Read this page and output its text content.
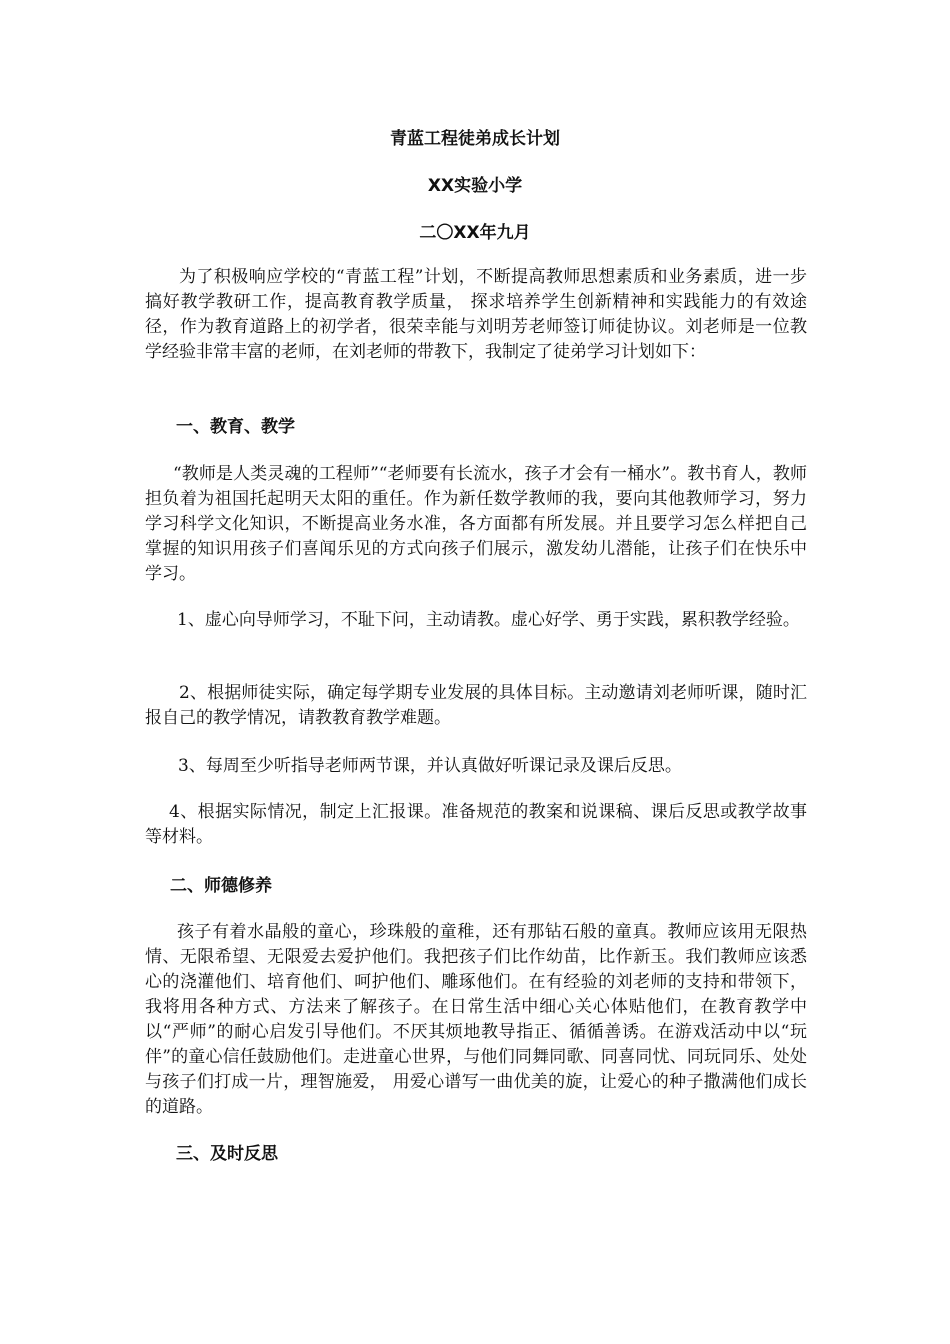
青蓝工程徒弟成长计划

XX实验小学

二〇XX年九月

为了积极响应学校的“青蓝工程”计划，不断提高教师思想素质和业务素质，进一步搞好教学教研工作，提高教育教学质量， 探求培养学生创新精神和实践能力的有效途径，作为教育道路上的初学者，很荣幸能与刘明芳老师签订师徒协议。刘老师是一位教学经验非常丰富的老师，在刘老师的带教下，我制定了徒弟学习计划如下：

一、教育、教学

“教师是人类灵魂的工程师”“老师要有长流水，孩子才会有一桶水”。教书育人，教师担负着为祖国托起明天太阳的重任。作为新任数学教师的我，要向其他教师学习，努力学习科学文化知识，不断提高业务水准，各方面都有所发展。并且要学习怎么样把自己掌握的知识用孩子们喜闻乐见的方式向孩子们展示，激发幼儿潜能，让孩子们在快乐中学习。

1、虚心向导师学习，不耻下问，主动请教。虚心好学、勇于实践，累积教学经验。

2、根据师徒实际，确定每学期专业发展的具体目标。主动邀请刘老师听课，随时汇报自己的教学情况，请教教育教学难题。

3、每周至少听指导老师两节课，并认真做好听课记录及课后反思。

4、根据实际情况，制定上汇报课。准备规范的教案和说课稿、课后反思或教学故事等材料。

二、师德修养

孩子有着水晶般的童心，珍珠般的童稚，还有那钻石般的童真。教师应该用无限热情、无限希望、无限爱去爱护他们。我把孩子们比作幼苗，比作新玉。我们教师应该悉心的浇灌他们、培育他们、呵护他们、雕琢他们。在有经验的刘老师的支持和带领下，我将用各种方式、方法来了解孩子。在日常生活中细心关心体贴他们，在教育教学中以“严师”的耐心启发引导他们。不厌其烦地教导指正、循循善诱。在游戏活动中以“玩伴”的童心信任鼓励他们。走进童心世界，与他们同舞同歌、同喜同忧、同玩同乐、处处与孩子们打成一片，理智施爱， 用爱心谱写一曲优美的旋，让爱心的种子撒满他们成长的道路。

三、及时反思
